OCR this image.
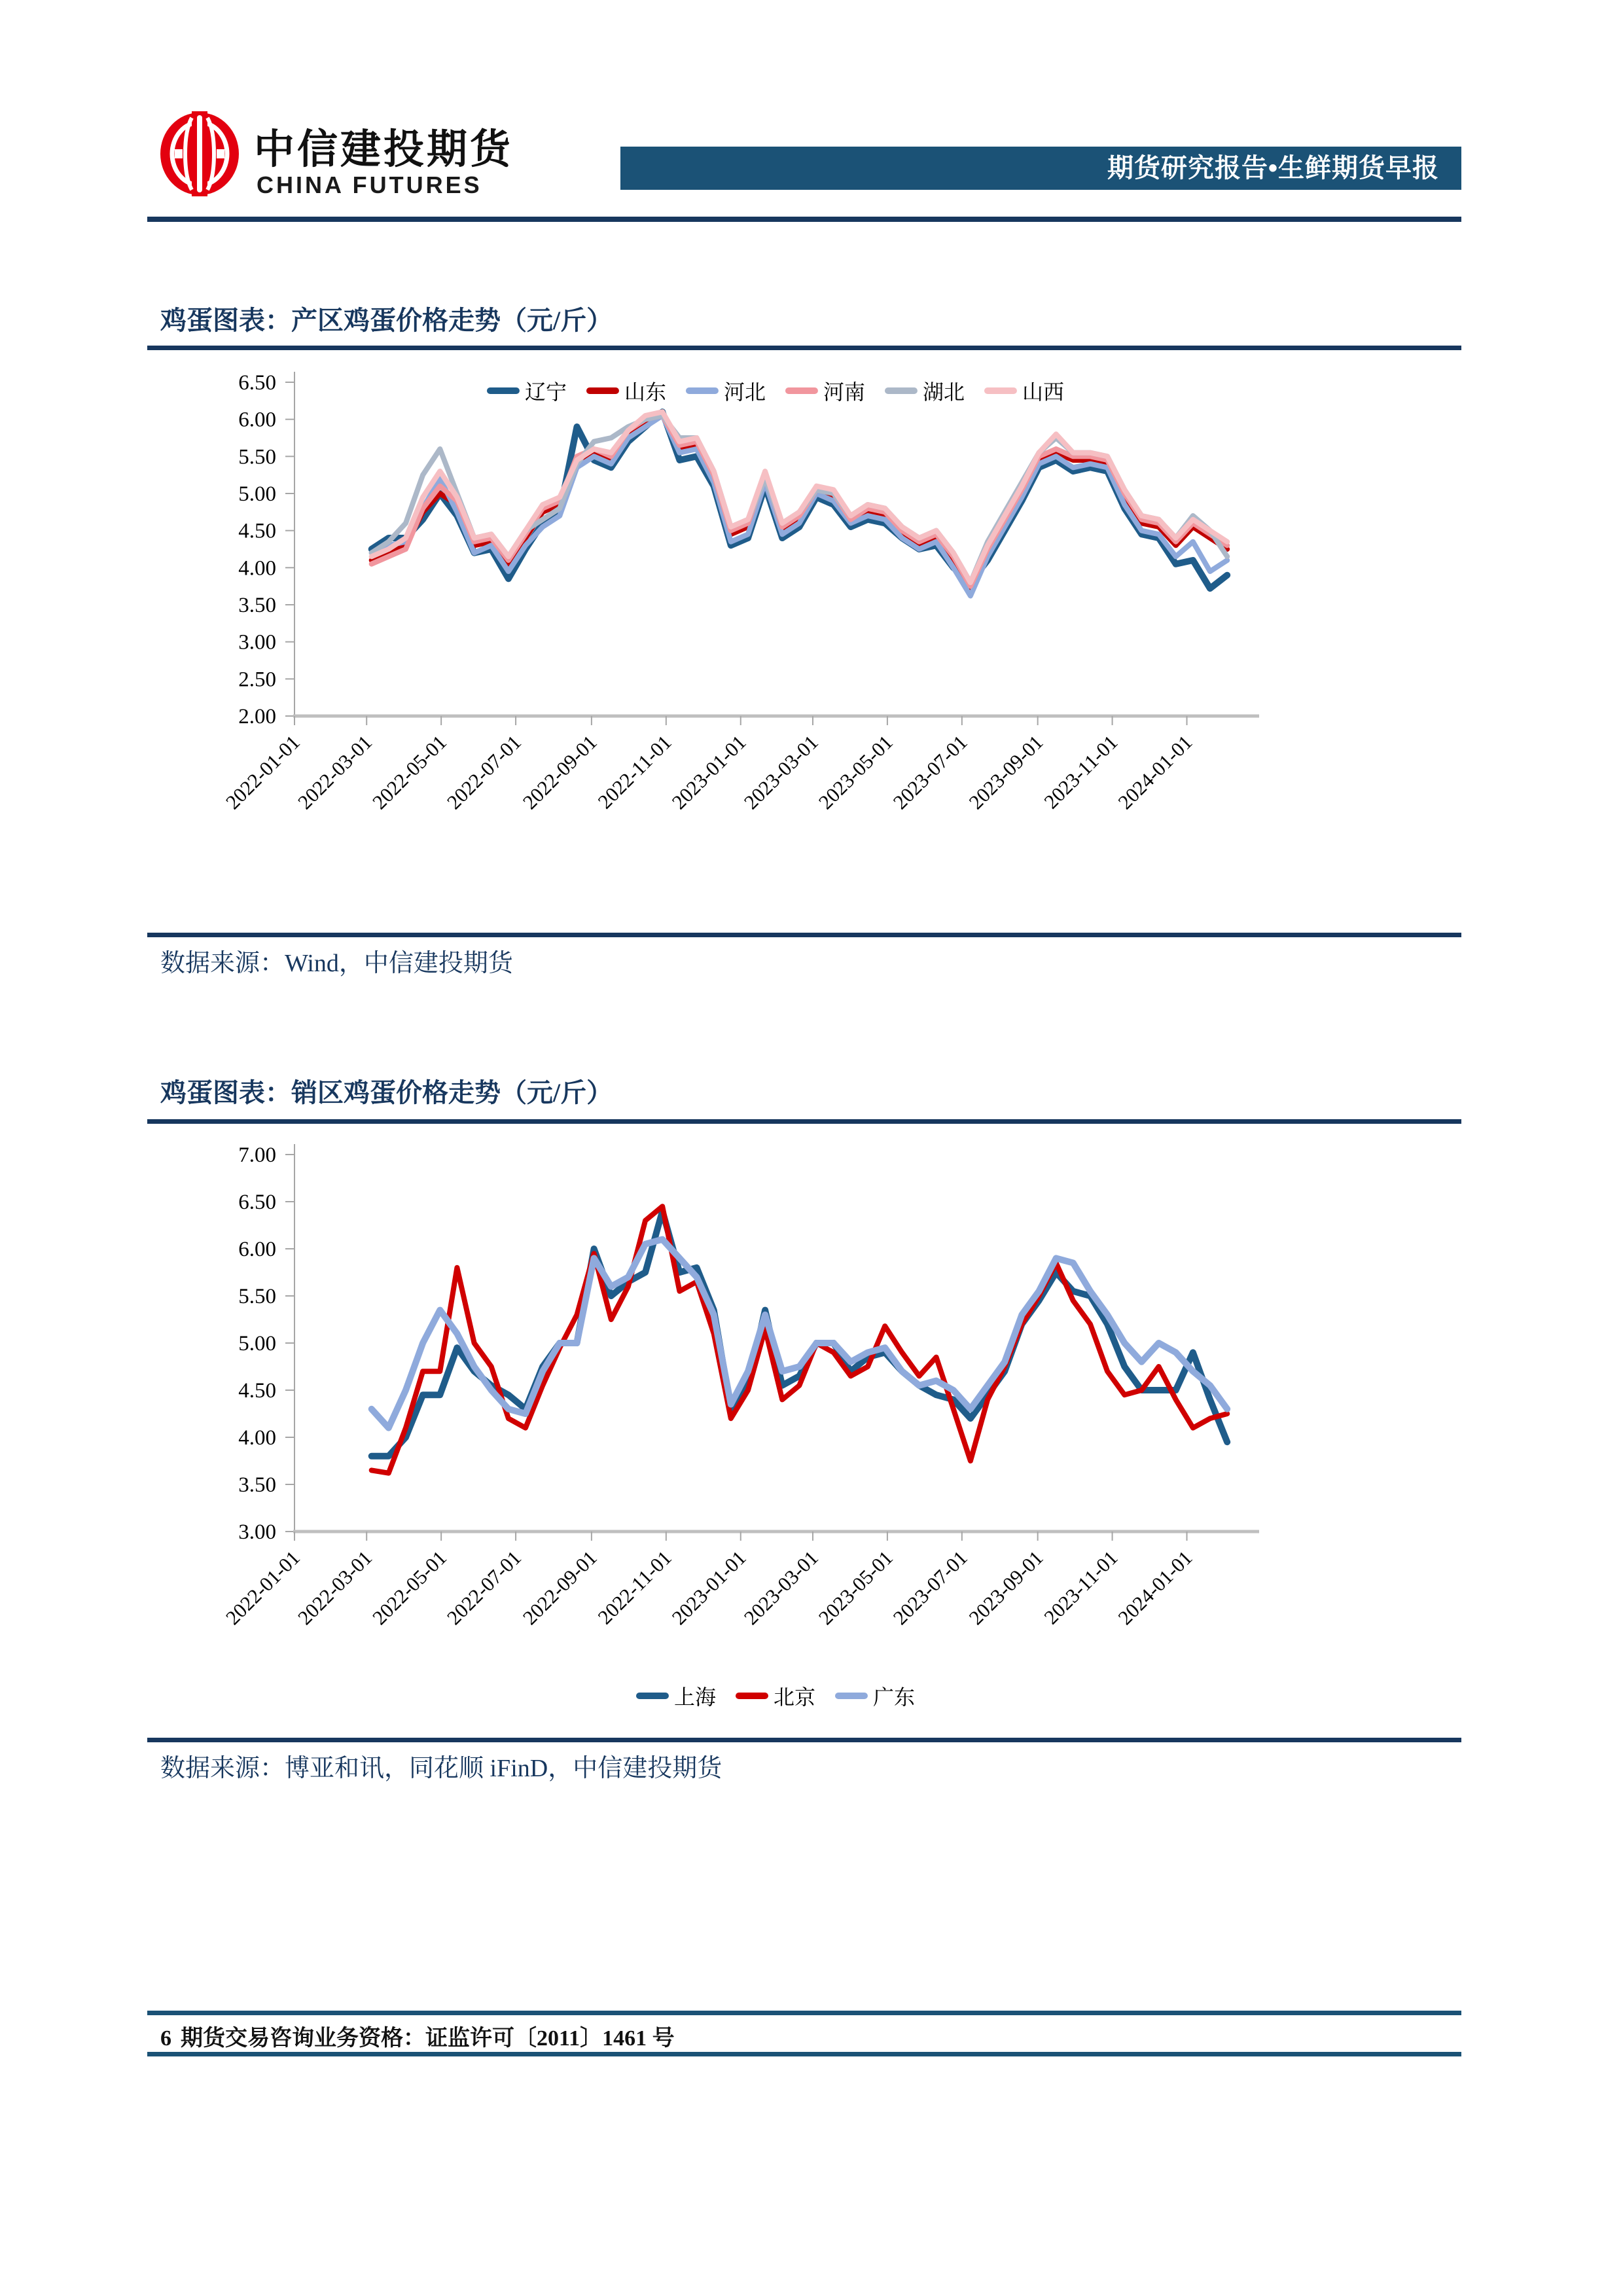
中信建投期货
CHINA FUTURES
期货研究报告•生鲜期货早报
鸡蛋图表：产区鸡蛋价格走势（元/斤）
6.50
6.00
5.50
5.00
4.50
4.00
3.50
3.00
2.50
2.00
2022-01-01
2022-03-01
2022-05-01
2022-07-01
2022-09-01
2022-11-01
2023-01-01
2023-03-01
2023-05-01
2023-07-01
2023-09-01
2023-11-01
2024-01-01
辽宁	山东	河北	河南	湖北	山西

数据来源：Wind，中信建投期货

鸡蛋图表：销区鸡蛋价格走势（元/斤）
7.00
6.50
6.00
5.50
5.00
4.50
4.00
3.50
3.00
2022-01-01
2022-03-01
2022-05-01
2022-07-01
2022-09-01
2022-11-01
2023-01-01
2023-03-01
2023-05-01
2023-07-01
2023-09-01
2023-11-01
2024-01-01
上海	北京	广东

数据来源：博亚和讯，同花顺 iFinD，中信建投期货

6 期货交易咨询业务资格：证监许可〔2011〕1461 号
